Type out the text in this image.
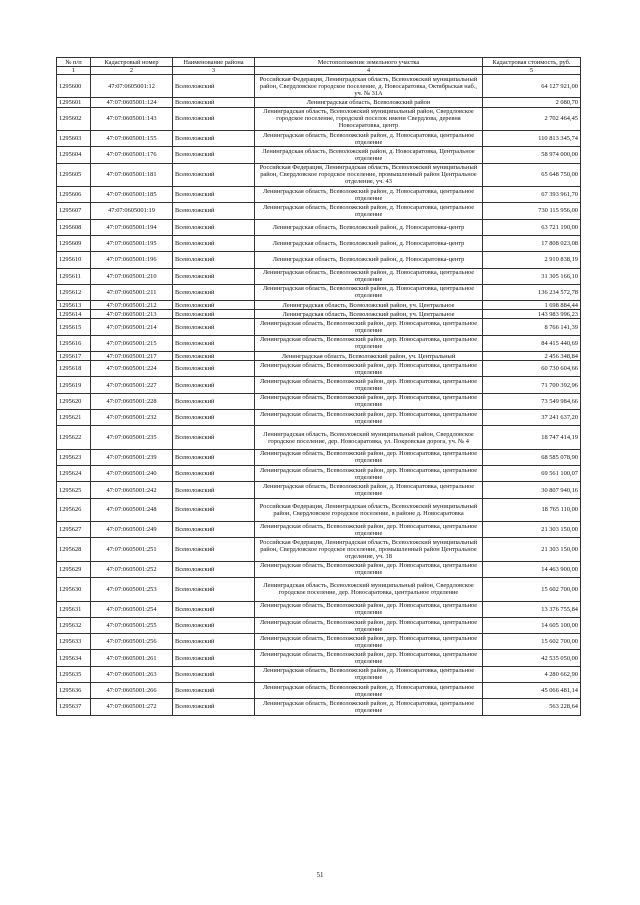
№ п/п	Кадастровый номер	Наименование района	Местоположение земельного участка	Кадастровая стоимость, руб.
1	2	3	4	5
1295600	47:07:0605001:12	Всеволожский	Российская Федерация, Ленинградская область, Всеволожский муниципальный район, Свердловское городское поселение, д. Новосаратовка, Октябрьская наб., уч. № 31А	64 127 921,00
1295601	47:07:0605001:124	Всеволожский	Ленинградская область, Всеволожский район	2 080,70
1295602	47:07:0605001:143	Всеволожский	Ленинградская область, Всеволожский муниципальный район, Свердловское городское поселение, городской поселок имени Свердлова, деревня Новосаратовка, центр	2 702 464,45
1295603	47:07:0605001:155	Всеволожский	Ленинградская область, Всеволожский район, д. Новосаратовка, центральное отделение	110 813 345,74
1295604	47:07:0605001:176	Всеволожский	Ленинградская область, Всеволожский район, д. Новосаратовка, Центральное отделение	58 974 000,00
1295605	47:07:0605001:181	Всеволожский	Российская Федерация, Ленинградская область, Всеволожский муниципальный район, Свердловское городское поселение, промышленный район Центральное отделение, уч. 43	65 648 750,00
1295606	47:07:0605001:185	Всеволожский	Ленинградская область, Всеволожский район, д. Новосаратовка, центральное отделение	67 393 961,70
1295607	47:07:0605001:19	Всеволожский	Ленинградская область, Всеволожский район, д. Новосаратовка, центральное отделение	730 115 956,00
1295608	47:07:0605001:194	Всеволожский	Ленинградская область, Всеволожский район, д. Новосаратовка-центр	63 721 190,00
1295609	47:07:0605001:195	Всеволожский	Ленинградская область, Всеволожский район, д. Новосаратовка-центр	17 808 023,08
1295610	47:07:0605001:196	Всеволожский	Ленинградская область, Всеволожский район, д. Новосаратовка-центр	2 910 838,19
1295611	47:07:0605001:210	Всеволожский	Ленинградская область, Всеволожский район, д. Новосаратовка, центральное отделение	31 305 166,10
1295612	47:07:0605001:211	Всеволожский	Ленинградская область, Всеволожский район, д. Новосаратовка, центральное отделение	136 234 572,78
1295613	47:07:0605001:212	Всеволожский	Ленинградская область, Всеволожский район, уч. Центральное	1 698 884,44
1295614	47:07:0605001:213	Всеволожский	Ленинградская область, Всеволожский район, уч. Центральное	143 983 996,23
1295615	47:07:0605001:214	Всеволожский	Ленинградская область, Всеволожский район, дер. Новосаратовка, центральное отделение	8 766 141,39
1295616	47:07:0605001:215	Всеволожский	Ленинградская область, Всеволожский район, дер. Новосаратовка, центральное отделение	84 415 440,69
1295617	47:07:0605001:217	Всеволожский	Ленинградская область, Всеволожский район, уч. Центральный	2 456 348,84
1295618	47:07:0605001:224	Всеволожский	Ленинградская область, Всеволожский район, дер. Новосаратовка, центральное отделение	60 730 604,66
1295619	47:07:0605001:227	Всеволожский	Ленинградская область, Всеволожский район, дер. Новосаратовка, центральное отделение	71 700 392,96
1295620	47:07:0605001:228	Всеволожский	Ленинградская область, Всеволожский район, дер. Новосаратовка, центральное отделение	73 549 984,66
1295621	47:07:0605001:232	Всеволожский	Ленинградская область, Всеволожский район, дер. Новосаратовка, центральное отделение	37 241 637,20
1295622	47:07:0605001:235	Всеволожский	Ленинградская область, Всеволожский муниципальный район, Свердловское городское поселение, дер. Новосаратовка, ул. Покровская дорога, уч. № 4	18 747 414,19
1295623	47:07:0605001:239	Всеволожский	Ленинградская область, Всеволожский район, дер. Новосаратовка, центральное отделение	68 585 078,90
1295624	47:07:0605001:240	Всеволожский	Ленинградская область, Всеволожский район, дер. Новосаратовка, центральное отделение	69 561 100,07
1295625	47:07:0605001:242	Всеволожский	Ленинградская область, Всеволожский район, д. Новосаратовка, центральное отделение	30 807 940,16
1295626	47:07:0605001:248	Всеволожский	Российская Федерация, Ленинградская область, Всеволожский муниципальный район, Свердловское городское поселение, в районе д. Новосаратовка	18 765 110,00
1295627	47:07:0605001:249	Всеволожский	Ленинградская область, Всеволожский район, дер. Новосаратовка, центральное отделение	21 303 150,00
1295628	47:07:0605001:251	Всеволожский	Российская Федерация, Ленинградская область, Всеволожский муниципальный район, Свердловское городское поселение, промышленный район Центральное отделение, уч. 18	21 303 150,00
1295629	47:07:0605001:252	Всеволожский	Ленинградская область, Всеволожский район, дер. Новосаратовка, центральное отделение	14 463 900,00
1295630	47:07:0605001:253	Всеволожский	Ленинградская область, Всеволожский муниципальный район, Свердловское городское поселение, дер. Новосаратовка, центральное отделение	15 602 700,00
1295631	47:07:0605001:254	Всеволожский	Ленинградская область, Всеволожский район, дер. Новосаратовка, центральное отделение	13 376 755,84
1295632	47:07:0605001:255	Всеволожский	Ленинградская область, Всеволожский район, дер. Новосаратовка, центральное отделение	14 605 100,00
1295633	47:07:0605001:256	Всеволожский	Ленинградская область, Всеволожский район, дер. Новосаратовка, центральное отделение	15 602 700,00
1295634	47:07:0605001:261	Всеволожский	Ленинградская область, Всеволожский район, дер. Новосаратовка, центральное отделение	42 535 050,00
1295635	47:07:0605001:263	Всеволожский	Ленинградская область, Всеволожский район, д. Новосаратовка, центральное отделение	4 280 662,90
1295636	47:07:0605001:266	Всеволожский	Ленинградская область, Всеволожский район, д. Новосаратовка, центральное отделение	45 066 481,14
1295637	47:07:0605001:272	Всеволожский	Ленинградская область, Всеволожский район, д. Новосаратовка, центральное отделение	563 228,64
51
